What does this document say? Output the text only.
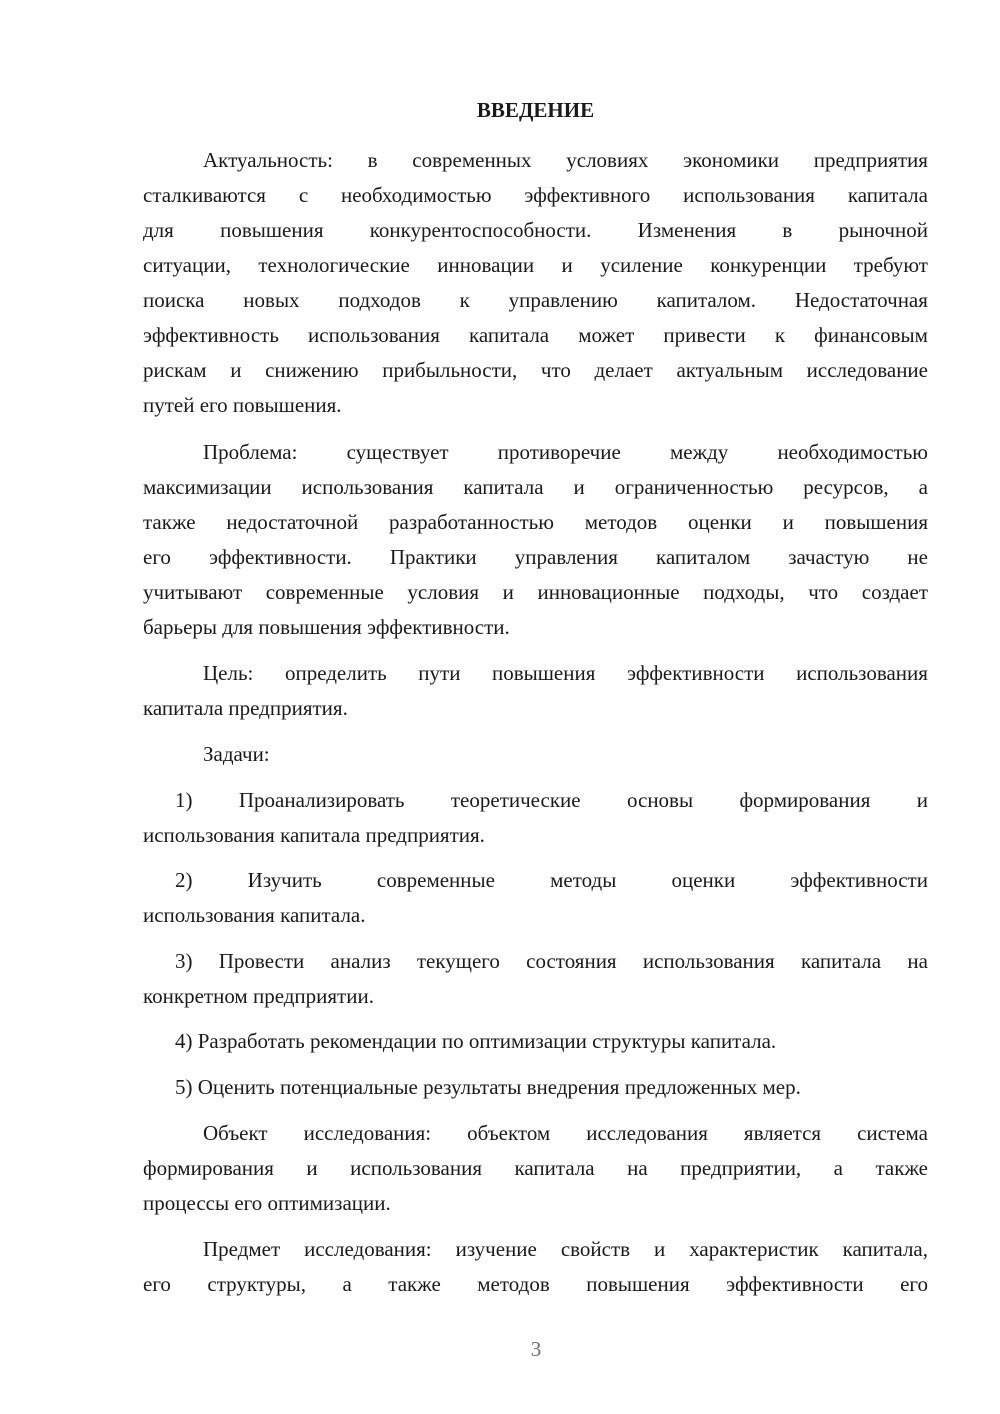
ВВЕДЕНИЕ
Актуальность: в современных условиях экономики предприятия
сталкиваются с необходимостью эффективного использования капитала
для повышения конкурентоспособности. Изменения в рыночной
ситуации, технологические инновации и усиление конкуренции требуют
поиска новых подходов к управлению капиталом. Недостаточная
эффективность использования капитала может привести к финансовым
рискам и снижению прибыльности, что делает актуальным исследование
путей его повышения.
Проблема: существует противоречие между необходимостью
максимизации использования капитала и ограниченностью ресурсов, а
также недостаточной разработанностью методов оценки и повышения
его эффективности. Практики управления капиталом зачастую не
учитывают современные условия и инновационные подходы, что создает
барьеры для повышения эффективности.
Цель: определить пути повышения эффективности использования
капитала предприятия.
Задачи:
1) Проанализировать теоретические основы формирования и
использования капитала предприятия.
2)	Изучить	современные	методы	оценки	эффективности
использования капитала.
3) Провести анализ текущего состояния использования капитала на
конкретном предприятии.
4) Разработать рекомендации по оптимизации структуры капитала.
5) Оценить потенциальные результаты внедрения предложенных мер.
Объект исследования: объектом исследования является система
формирования и использования капитала на предприятии, а также
процессы его оптимизации.
Предмет исследования: изучение свойств и характеристик капитала,
его структуры, а также методов повышения эффективности его
3
